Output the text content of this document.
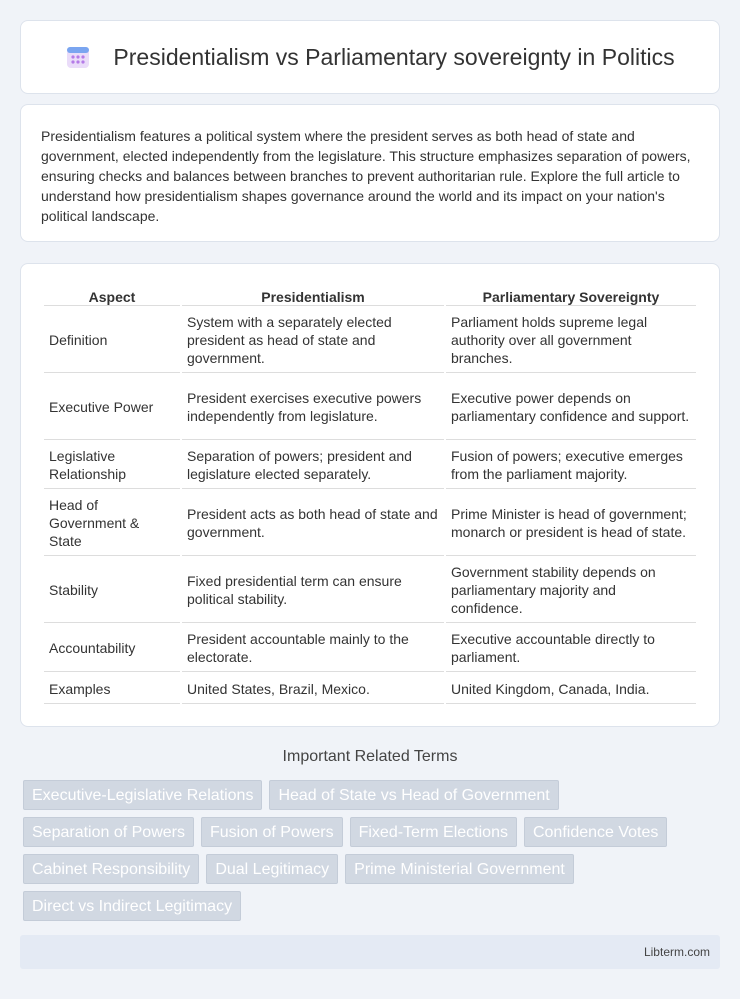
Presidentialism vs Parliamentary sovereignty in Politics

Presidentialism features a political system where the president serves as both head of state and government, elected independently from the legislature. This structure emphasizes separation of powers, ensuring checks and balances between branches to prevent authoritarian rule. Explore the full article to understand how presidentialism shapes governance around the world and its impact on your nation's political landscape.

Aspect	Presidentialism	Parliamentary Sovereignty
Definition	System with a separately elected president as head of state and government.	Parliament holds supreme legal authority over all government branches.
Executive Power	President exercises executive powers independently from legislature.	Executive power depends on parliamentary confidence and support.
Legislative Relationship	Separation of powers; president and legislature elected separately.	Fusion of powers; executive emerges from the parliament majority.
Head of Government & State	President acts as both head of state and government.	Prime Minister is head of government; monarch or president is head of state.
Stability	Fixed presidential term can ensure political stability.	Government stability depends on parliamentary majority and confidence.
Accountability	President accountable mainly to the electorate.	Executive accountable directly to parliament.
Examples	United States, Brazil, Mexico.	United Kingdom, Canada, India.
Important Related Terms
Executive-Legislative Relations	Head of State vs Head of Government
Separation of Powers	Fusion of Powers	Fixed-Term Elections	Confidence Votes
Cabinet Responsibility	Dual Legitimacy	Prime Ministerial Government
Direct vs Indirect Legitimacy
Libterm.com
